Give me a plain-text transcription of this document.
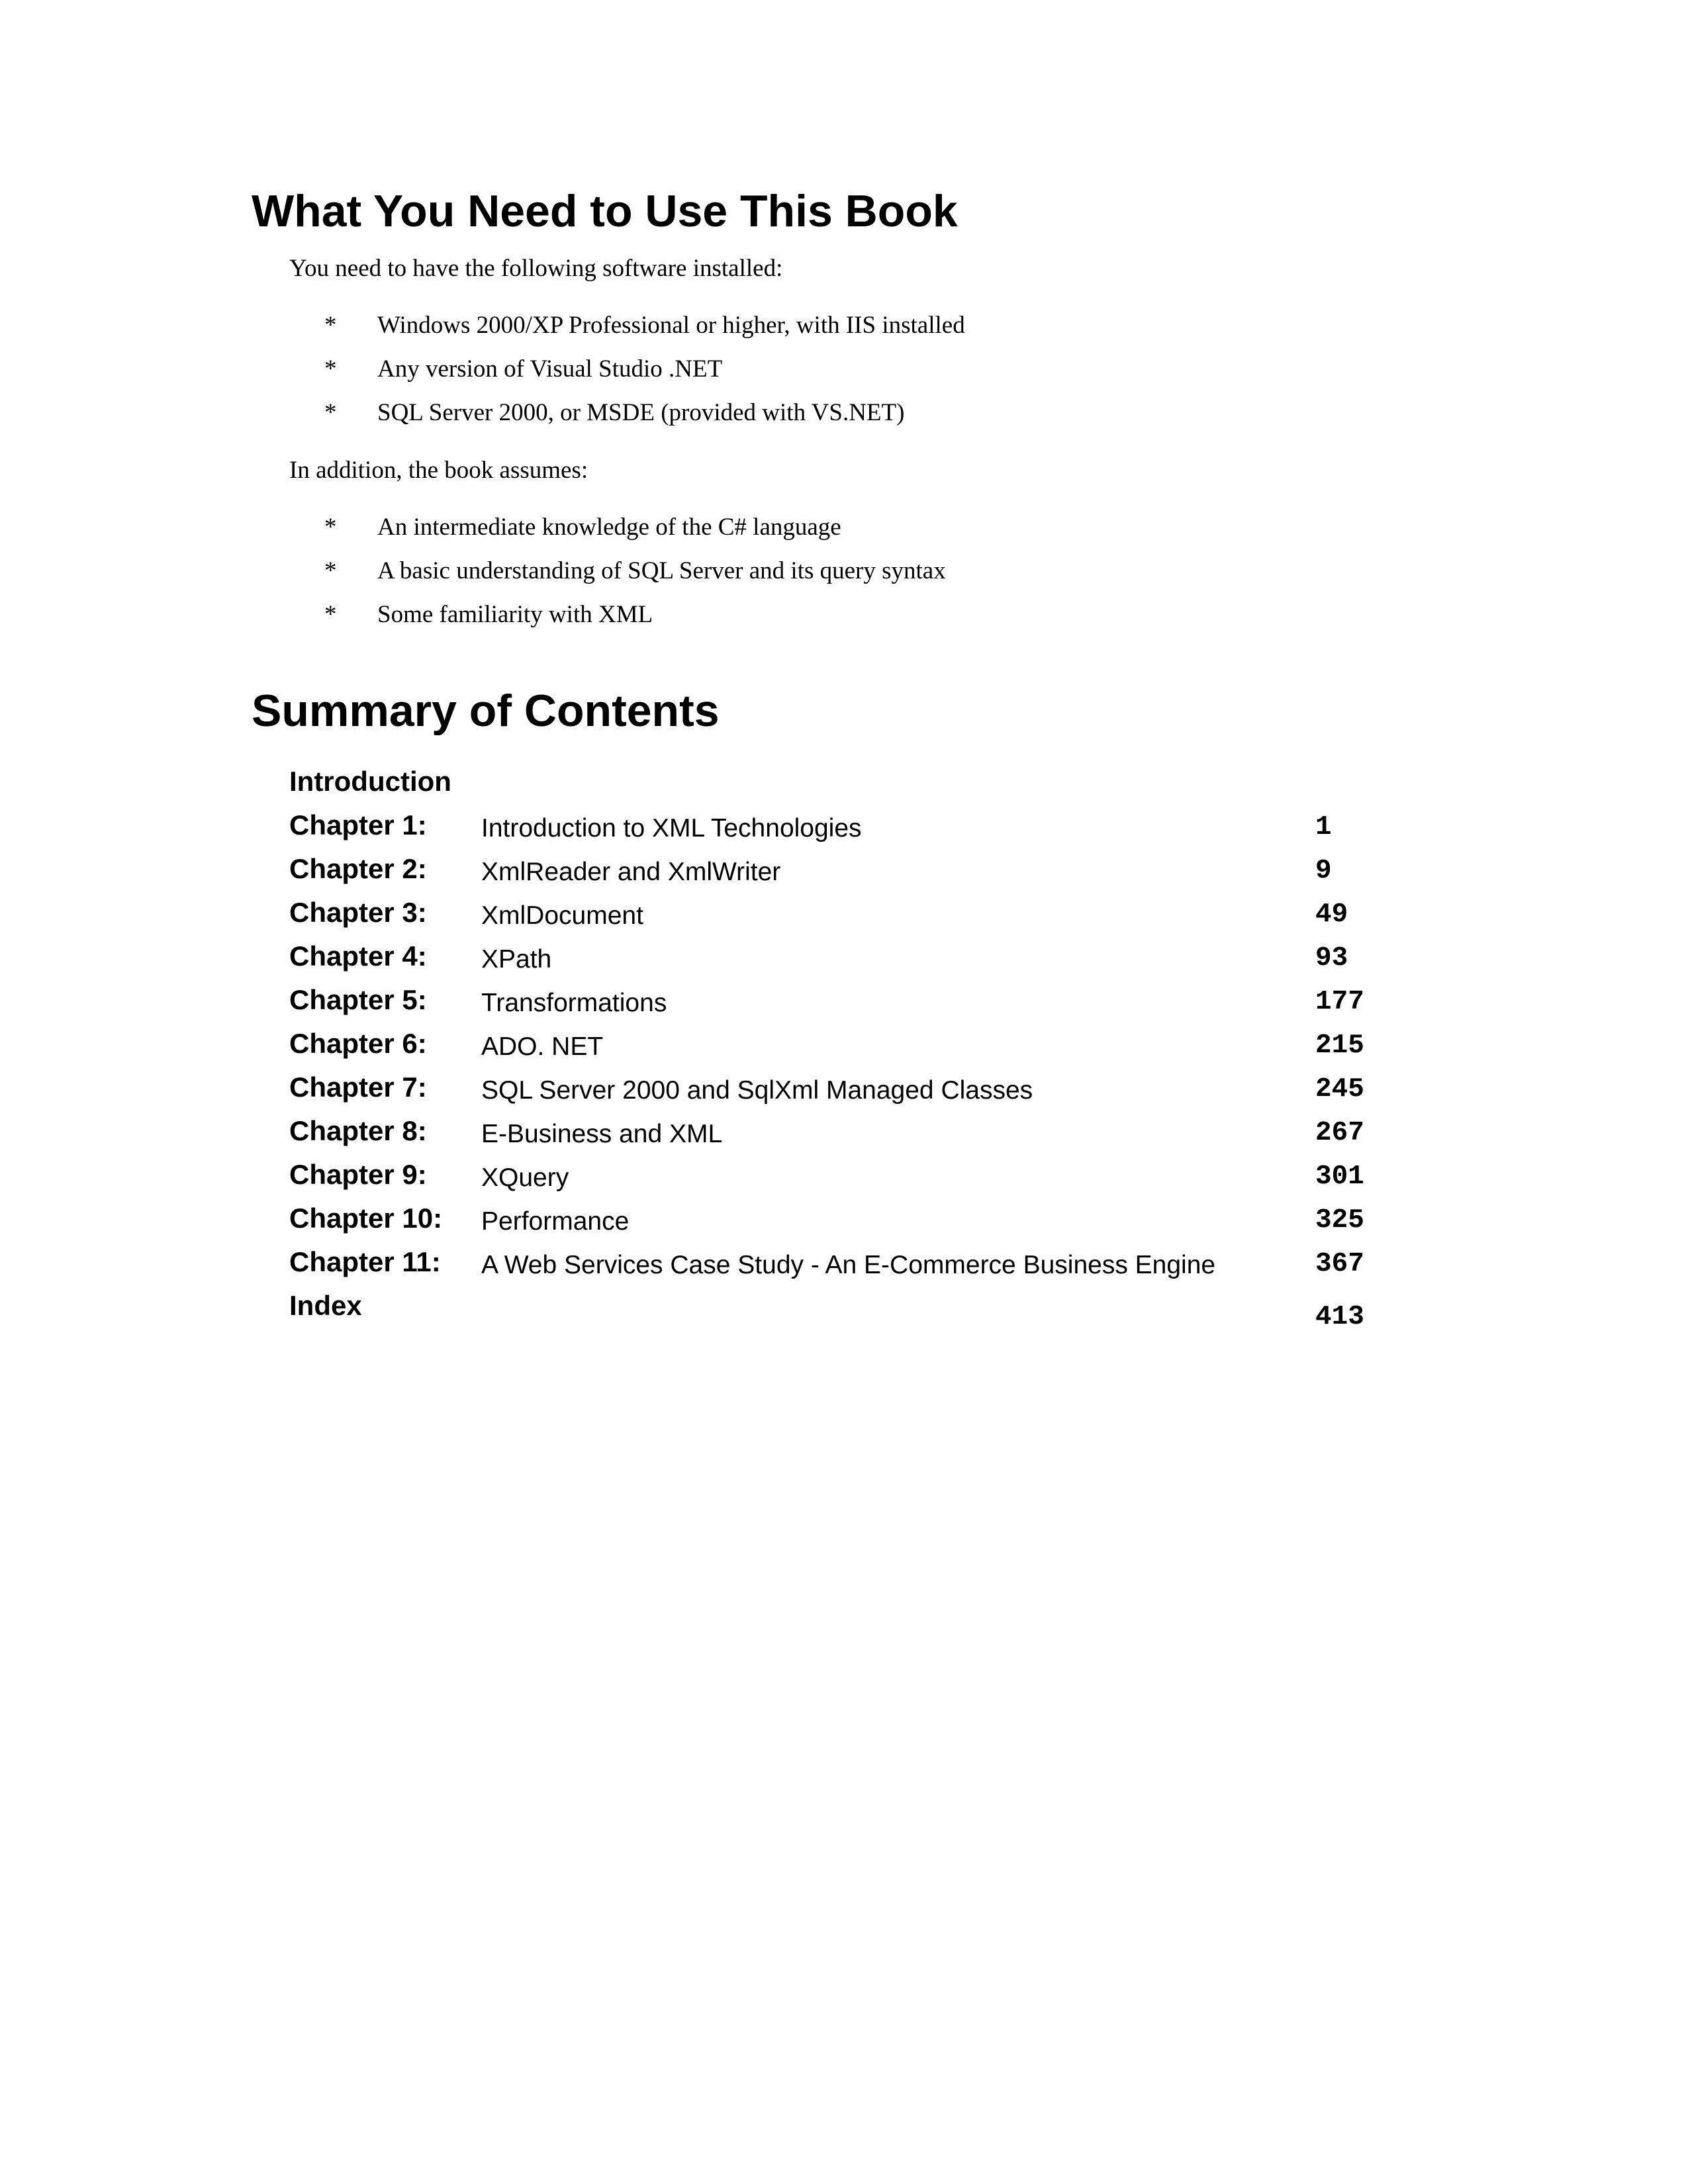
What You Need to Use This Book

You need to have the following software installed:

*	Windows 2000/XP Professional or higher, with IIS installed
*	Any version of Visual Studio .NET
*	SQL Server 2000, or MSDE (provided with VS.NET)

In addition, the book assumes:

*	An intermediate knowledge of the C# language
*	A basic understanding of SQL Server and its query syntax
*	Some familiarity with XML
Summary of Contents
Introduction
Chapter 1: Introduction to XML Technologies	1
Chapter 2: XmlReader and XmlWriter	9
Chapter 3: XmlDocument	49
Chapter 4: XPath	93
Chapter 5: Transformations	177
Chapter 6: ADO. NET	215
Chapter 7: SQL Server 2000 and SqlXml Managed Classes	245
Chapter 8: E-Business and XML	267
Chapter 9: XQuery	301
Chapter 10: Performance	325
Chapter 11: A Web Services Case Study - An E-Commerce Business Engine	367
Index	413
